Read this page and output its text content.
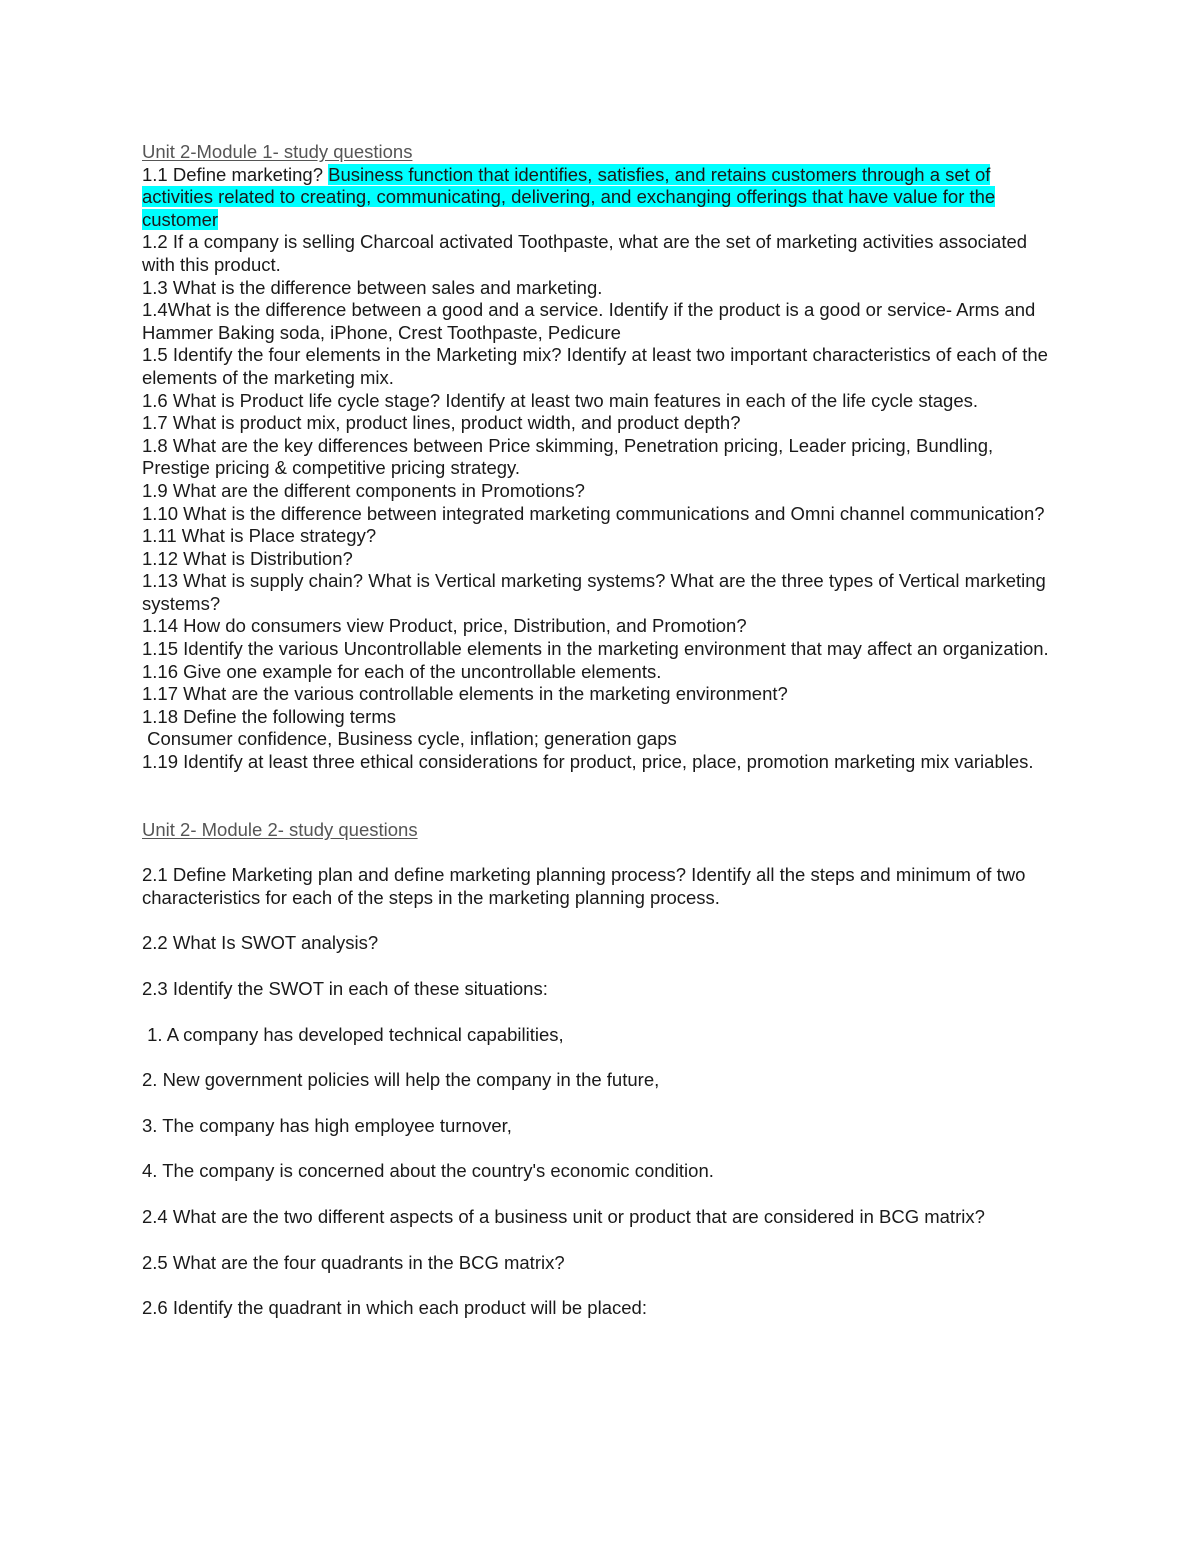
Unit 2-Module 1- study questions

1.1 Define marketing? Business function that identifies, satisfies, and retains customers through a set of activities related to creating, communicating, delivering, and exchanging offerings that have value for the customer

1.2 If a company is selling Charcoal activated Toothpaste, what are the set of marketing activities associated with this product.

1.3 What is the difference between sales and marketing.

1.4What is the difference between a good and a service. Identify if the product is a good or service- Arms and Hammer Baking soda, iPhone, Crest Toothpaste, Pedicure

1.5 Identify the four elements in the Marketing mix? Identify at least two important characteristics of each of the elements of the marketing mix.

1.6 What is Product life cycle stage? Identify at least two main features in each of the life cycle stages.

1.7 What is product mix, product lines, product width, and product depth?

1.8 What are the key differences between Price skimming, Penetration pricing, Leader pricing, Bundling, Prestige pricing & competitive pricing strategy.

1.9 What are the different components in Promotions?

1.10 What is the difference between integrated marketing communications and Omni channel communication?

1.11 What is Place strategy?

1.12 What is Distribution?

1.13 What is supply chain? What is Vertical marketing systems? What are the three types of Vertical marketing systems?

1.14 How do consumers view Product, price, Distribution, and Promotion?

1.15 Identify the various Uncontrollable elements in the marketing environment that may affect an organization.

1.16 Give one example for each of the uncontrollable elements.

1.17 What are the various controllable elements in the marketing environment?

1.18 Define the following terms

Consumer confidence, Business cycle, inflation; generation gaps

1.19 Identify at least three ethical considerations for product, price, place, promotion marketing mix variables.

Unit 2- Module 2- study questions

2.1 Define Marketing plan and define marketing planning process? Identify all the steps and minimum of two characteristics for each of the steps in the marketing planning process.

2.2 What Is SWOT analysis?

2.3 Identify the SWOT in each of these situations:

1. A company has developed technical capabilities,

2. New government policies will help the company in the future,

3. The company has high employee turnover,

4. The company is concerned about the country's economic condition.

2.4 What are the two different aspects of a business unit or product that are considered in BCG matrix?

2.5 What are the four quadrants in the BCG matrix?

2.6 Identify the quadrant in which each product will be placed:
